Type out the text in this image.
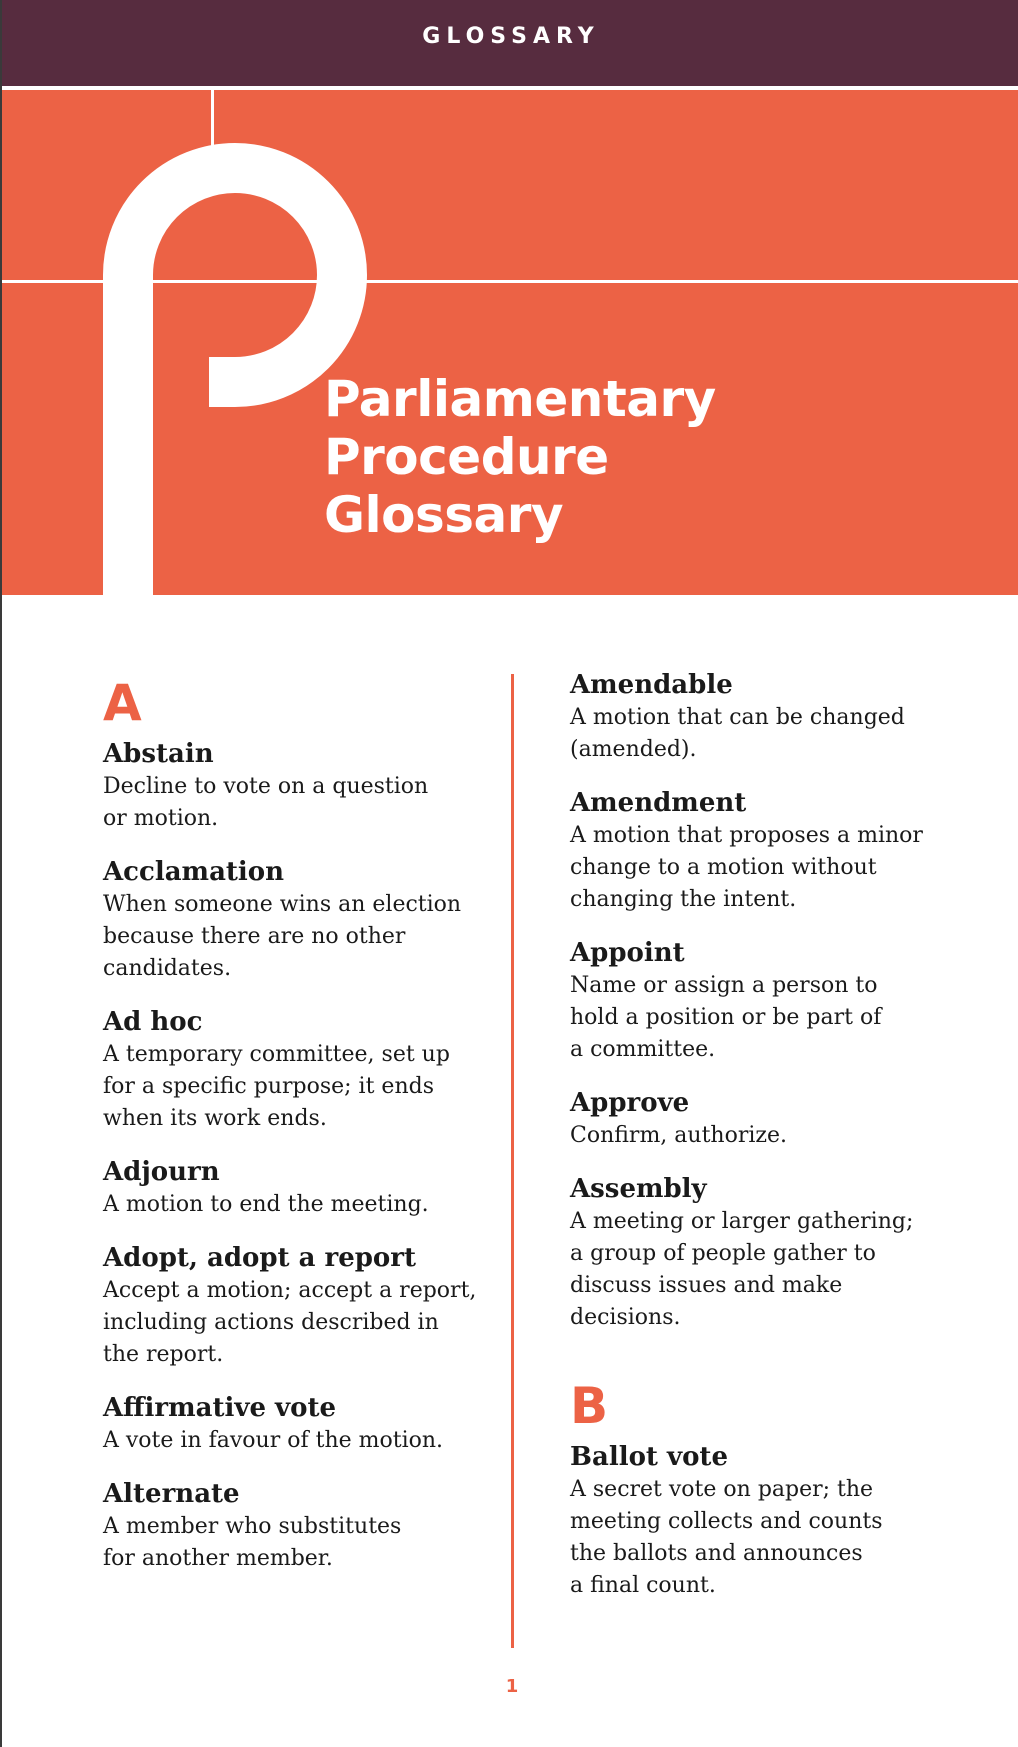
GLOSSARY
Parliamentary
Procedure
Glossary
A

Abstain

Decline to vote on a question
or motion.

Acclamation

When someone wins an election
because there are no other
candidates.

Ad hoc

A temporary committee, set up
for a specific purpose; it ends
when its work ends.

Adjourn

A motion to end the meeting.

Adopt, adopt a report

Accept a motion; accept a report,
including actions described in
the report.

Affirmative vote

A vote in favour of the motion.

Alternate

A member who substitutes
for another member.

Amendable

A motion that can be changed
(amended).

Amendment

A motion that proposes a minor
change to a motion without
changing the intent.

Appoint

Name or assign a person to
hold a position or be part of
a committee.

Approve

Confirm, authorize.

Assembly

A meeting or larger gathering;
a group of people gather to
discuss issues and make
decisions.

B

Ballot vote

A secret vote on paper; the
meeting collects and counts
the ballots and announces
a final count.

1
